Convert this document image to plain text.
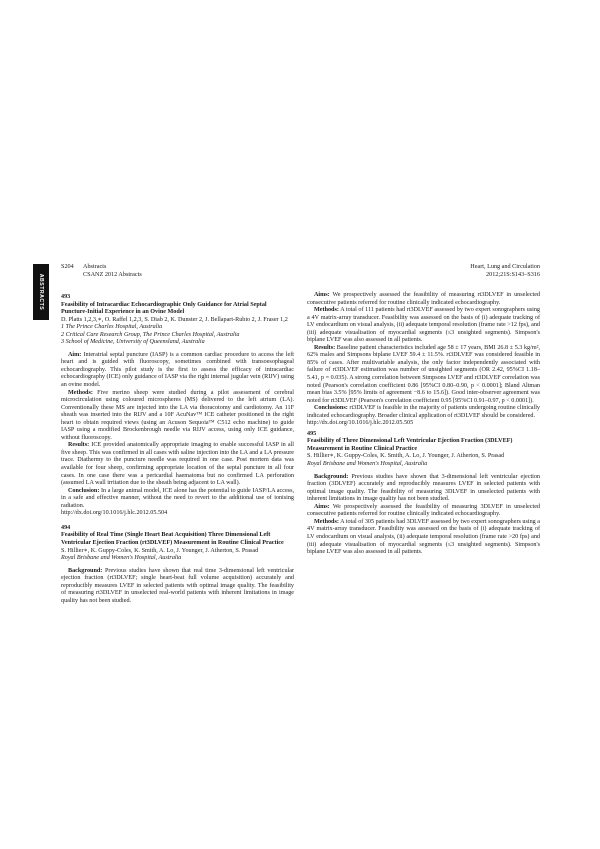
ABSTRACTS
S204 Abstracts
CSANZ 2012 Abstracts
Heart, Lung and Circulation
2012;21S:S143–S316

493

Feasibility of Intracardiac Echocardiographic Only Guidance for Atrial Septal Puncture-Initial Experience in an Ovine Model

D. Platts 1,2,3,∗, O. Raffel 1,2,3, S. Diab 2, K. Dunster 2, J. Bellapart-Rubio 2, J. Fraser 1,2

1 The Prince Charles Hospital, Australia

2 Critical Care Research Group, The Prince Charles Hospital, Australia

3 School of Medicine, University of Queensland, Australia

Aim: Interatrial septal puncture (IASP) is a common cardiac procedure to access the left heart and is guided with fluoroscopy, sometimes combined with transoesophageal echocardiography. This pilot study is the first to assess the efficacy of intracardiac echocardiography (ICE) only guidance of IASP via the right internal jugular vein (RIJV) using an ovine model.

Methods: Five merino sheep were studied during a pilot assessment of cerebral microcirculation using coloured microspheres (MS) delivered to the left atrium (LA). Conventionally these MS are injected into the LA via thoracotomy and cardiotomy. An 11F sheath was inserted into the RIJV and a 10F AcuNav™ ICE catheter positioned in the right heart to obtain required views (using an Acuson Sequoia™ C512 echo machine) to guide IASP using a modified Brockenbrough needle via RIJV access, using only ICE guidance, without fluoroscopy.

Results: ICE provided anatomically appropriate imaging to enable successful IASP in all five sheep. This was confirmed in all cases with saline injection into the LA and a LA pressure trace. Diathermy to the puncture needle was required in one case. Post mortem data was available for four sheep, confirming appropriate location of the septal puncture in all four cases. In one case there was a pericardial haematoma but no confirmed LA perforation (assumed LA wall irritation due to the sheath being adjacent to LA wall).

Conclusion: In a large animal model, ICE alone has the potential to guide IASP/LA access, in a safe and effective manner, without the need to revert to the additional use of ionising radiation.

http://dx.doi.org/10.1016/j.hlc.2012.05.504

494

Feasibility of Real Time (Single Heart Beat Acquisition) Three Dimensional Left Ventricular Ejection Fraction (rt3DLVEF) Measurement in Routine Clinical Practice

S. Hillier∗, K. Guppy-Coles, K. Smith, A. Lo, J. Younger, J. Atherton, S. Prasad

Royal Brisbane and Women's Hospital, Australia

Background: Previous studies have shown that real time 3-dimensional left ventricular ejection fraction (rt3DLVEF; single heart-beat full volume acquisition) accurately and reproducibly measures LVEF in selected patients with optimal image quality. The feasibility of measuring rt3DLVEF in unselected real-world patients with inherent limitations in image quality has not been studied.

Aims: We prospectively assessed the feasibility of measuring rt3DLVEF in unselected consecutive patients referred for routine clinically indicated echocardiography.

Methods: A total of 111 patients had rt3DLVEF assessed by two expert sonographers using a 4V matrix-array transducer. Feasibility was assessed on the basis of (i) adequate tracking of LV endocardium on visual analysis, (ii) adequate temporal resolution (frame rate >12 fps), and (iii) adequate visualisation of myocardial segments (≤3 unsighted segments). Simpson's biplane LVEF was also assessed in all patients.

Results: Baseline patient characteristics included age 58 ± 17 years, BMI 26.8 ± 5.3 kg/m², 62% males and Simpsons biplane LVEF 59.4 ± 11.5%. rt3DLVEF was considered feasible in 85% of cases. After multivariable analysis, the only factor independently associated with failure of rt3DLVEF estimation was number of unsighted segments (OR 2.42, 95%CI 1.18–5.41, p = 0.035). A strong correlation between Simpsons LVEF and rt3DLVEF correlation was noted (Pearson's correlation coefficient 0.86 [95%CI 0.80–0.90, p < 0.0001]; Bland Altman mean bias 3.5% [95% limits of agreement −8.6 to 15.6]). Good inter-observer agreement was noted for rt3DLVEF (Pearson's correlation coefficient 0.95 [95%CI 0.91–0.97, p < 0.0001]).

Conclusions: rt3DLVEF is feasible in the majority of patients undergoing routine clinically indicated echocardiography. Broader clinical application of rt3DLVEF should be considered.

http://dx.doi.org/10.1016/j.hlc.2012.05.505

495

Feasibility of Three Dimensional Left Ventricular Ejection Fraction (3DLVEF) Measurement in Routine Clinical Practice

S. Hillier∗, K. Guppy-Coles, K. Smith, A. Lo, J. Younger, J. Atherton, S. Prasad

Royal Brisbane and Women's Hospital, Australia

Background: Previous studies have shown that 3-dimensional left ventricular ejection fraction (3DLVEF) accurately and reproducibly measures LVEF in selected patients with optimal image quality. The feasibility of measuring 3DLVEF in unselected patients with inherent limitations in image quality has not been studied.

Aims: We prospectively assessed the feasibility of measuring 3DLVEF in unselected consecutive patients referred for routine clinically indicated echocardiography.

Methods: A total of 305 patients had 3DLVEF assessed by two expert sonographers using a 4V matrix-array transducer. Feasibility was assessed on the basis of (i) adequate tracking of LV endocardium on visual analysis, (ii) adequate temporal resolution (frame rate >20 fps) and (iii) adequate visualisation of myocardial segments (≤3 unsighted segments). Simpson's biplane LVEF was also assessed in all patients.
